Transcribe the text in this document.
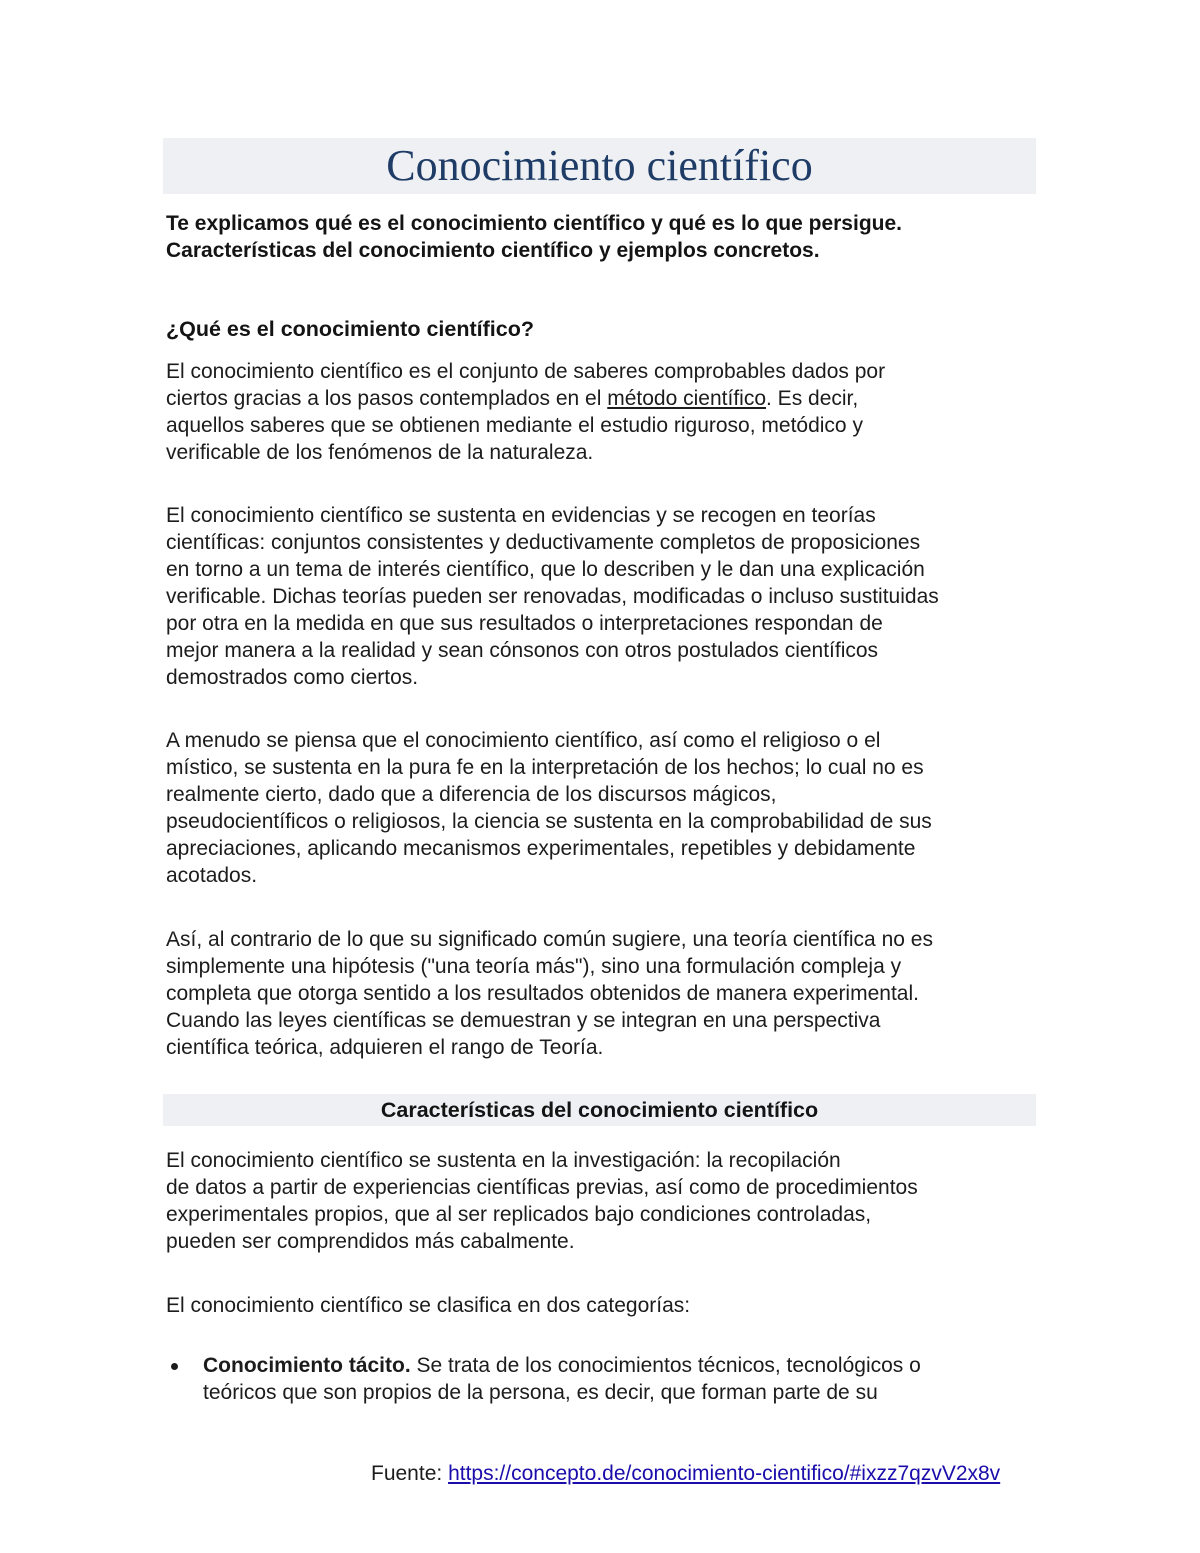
Conocimiento científico
Te explicamos qué es el conocimiento científico y qué es lo que persigue.
Características del conocimiento científico y ejemplos concretos.
¿Qué es el conocimiento científico?

El conocimiento científico es el conjunto de saberes comprobables dados por
ciertos gracias a los pasos contemplados en el método científico. Es decir,
aquellos saberes que se obtienen mediante el estudio riguroso, metódico y
verificable de los fenómenos de la naturaleza.

El conocimiento científico se sustenta en evidencias y se recogen en teorías
científicas: conjuntos consistentes y deductivamente completos de proposiciones
en torno a un tema de interés científico, que lo describen y le dan una explicación
verificable. Dichas teorías pueden ser renovadas, modificadas o incluso sustituidas
por otra en la medida en que sus resultados o interpretaciones respondan de
mejor manera a la realidad y sean cónsonos con otros postulados científicos
demostrados como ciertos.

A menudo se piensa que el conocimiento científico, así como el religioso o el
místico, se sustenta en la pura fe en la interpretación de los hechos; lo cual no es
realmente cierto, dado que a diferencia de los discursos mágicos,
pseudocientíficos o religiosos, la ciencia se sustenta en la comprobabilidad de sus
apreciaciones, aplicando mecanismos experimentales, repetibles y debidamente
acotados.

Así, al contrario de lo que su significado común sugiere, una teoría científica no es
simplemente una hipótesis ("una teoría más"), sino una formulación compleja y
completa que otorga sentido a los resultados obtenidos de manera experimental.
Cuando las leyes científicas se demuestran y se integran en una perspectiva
científica teórica, adquieren el rango de Teoría.

Características del conocimiento científico

El conocimiento científico se sustenta en la investigación: la recopilación
de datos a partir de experiencias científicas previas, así como de procedimientos
experimentales propios, que al ser replicados bajo condiciones controladas,
pueden ser comprendidos más cabalmente.

El conocimiento científico se clasifica en dos categorías:

Conocimiento tácito. Se trata de los conocimientos técnicos, tecnológicos o
teóricos que son propios de la persona, es decir, que forman parte de su
Fuente: https://concepto.de/conocimiento-cientifico/#ixzz7qzvV2x8v
